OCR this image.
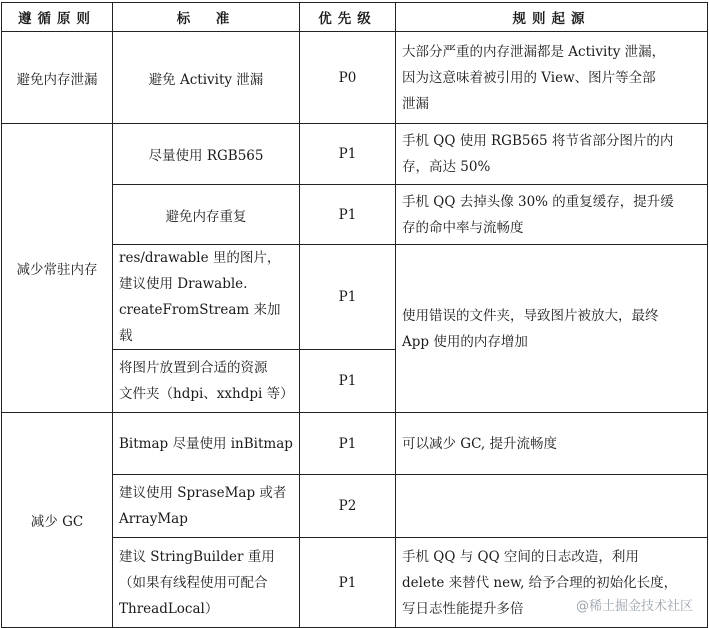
遵循原则	标　准	优先级	规则起源
避免内存泄漏	避免 Activity 泄漏	P0	大部分严重的内存泄漏都是 Activity 泄漏，
因为这意味着被引用的 View、图片等全部
泄漏

减少常驻内存	尽量使用 RGB565	P1	手机 QQ 使用 RGB565 将节省部分图片的内
存，高达 50%

	避免内存重复	P1	手机 QQ 去掉头像 30% 的重复缓存，提升缓
存的命中率与流畅度

	res/drawable 里的图片，
建议使用 Drawable.
createFromStream 来加载	P1	使用错误的文件夹，导致图片被放大，最终
App 使用的内存增加

	将图片放置到合适的资源
文件夹（hdpi、xxhdpi 等）	P1	
减少 GC	Bitmap 尽量使用 inBitmap	P1	可以减少 GC, 提升流畅度

	建议使用 SpraseMap 或者
ArrayMap	P2	

	建议 StringBuilder 重用
（如果有线程使用可配合
ThreadLocal）	P1	手机 QQ 与 QQ 空间的日志改造，利用
delete 来替代 new, 给予合理的初始化长度，
写日志性能提升多倍	@稀土掘金技术社区
